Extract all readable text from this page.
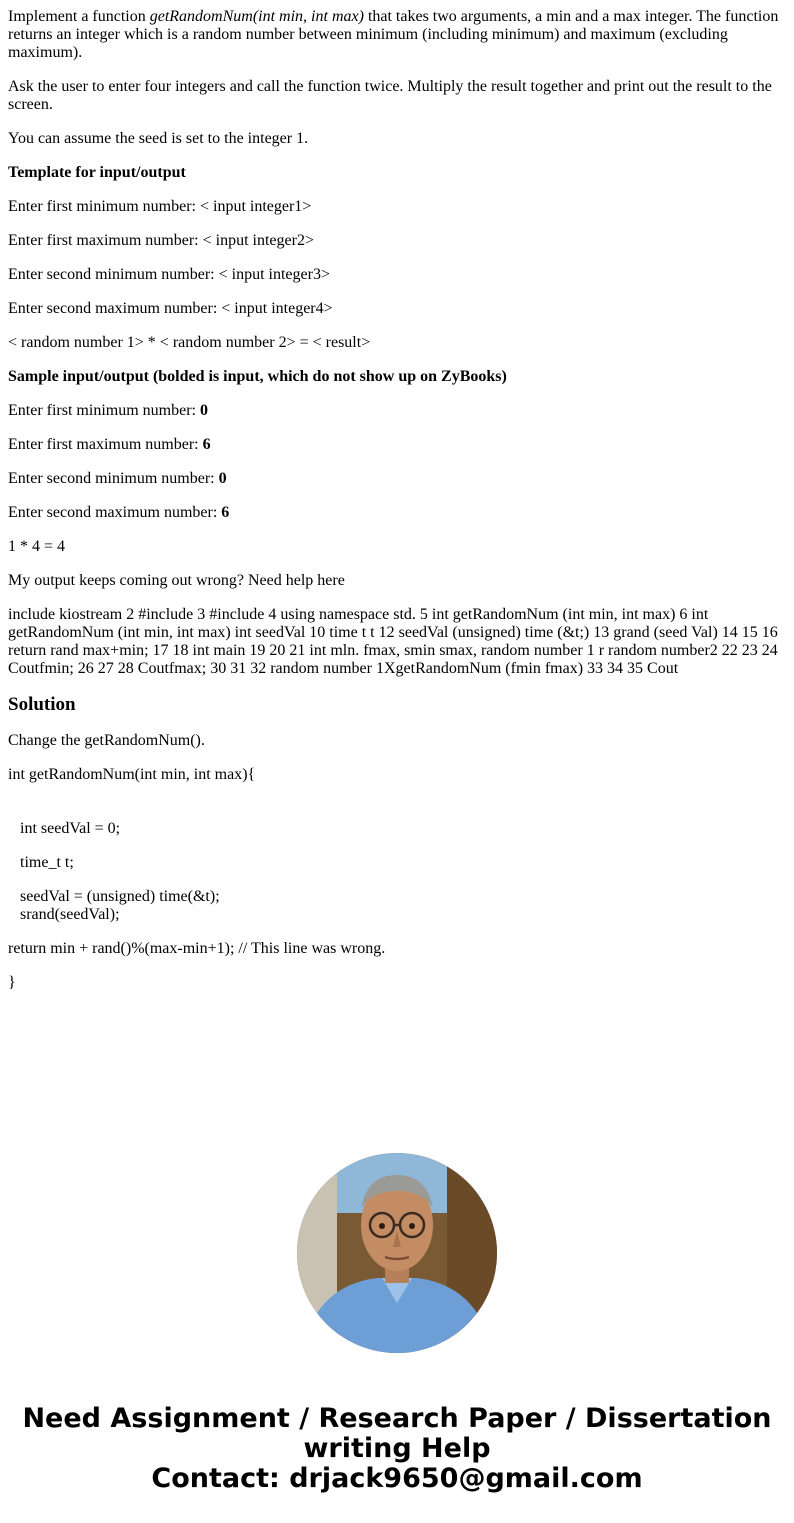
Implement a function getRandomNum(int min, int max) that takes two arguments, a min and a max integer. The function returns an integer which is a random number between minimum (including minimum) and maximum (excluding maximum).

Ask the user to enter four integers and call the function twice. Multiply the result together and print out the result to the screen.

You can assume the seed is set to the integer 1.

Template for input/output

Enter first minimum number: < input integer1>

Enter first maximum number: < input integer2>

Enter second minimum number: < input integer3>

Enter second maximum number: < input integer4>

< random number 1> * < random number 2> = < result>

Sample input/output (bolded is input, which do not show up on ZyBooks)

Enter first minimum number: 0

Enter first maximum number: 6

Enter second minimum number: 0

Enter second maximum number: 6

1 * 4 = 4

My output keeps coming out wrong? Need help here

include kiostream 2 #include 3 #include 4 using namespace std. 5 int getRandomNum (int min, int max) 6 int getRandomNum (int min, int max) int seedVal 10 time t t 12 seedVal (unsigned) time (&t;) 13 grand (seed Val) 14 15 16 return rand max+min; 17 18 int main 19 20 21 int mln. fmax, smin smax, random number 1 r random number2 22 23 24 Coutfmin; 26 27 28 Coutfmax; 30 31 32 random number 1XgetRandomNum (fmin fmax) 33 34 35 Cout

Solution

Change the getRandomNum().

int getRandomNum(int min, int max){

int seedVal = 0;

time_t t;

seedVal = (unsigned) time(&t);

srand(seedVal);

return min + rand()%(max-min+1); // This line was wrong.

}

Need Assignment / Research Paper / Dissertation
writing Help
Contact: drjack9650@gmail.com
